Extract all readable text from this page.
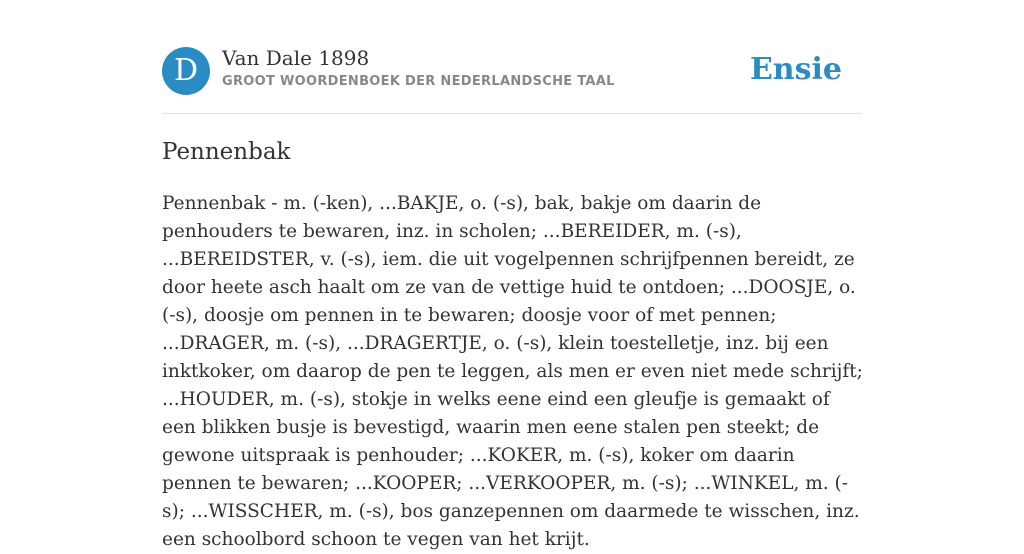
D	Van Dale 1898
GROOT WOORDENBOEK DER NEDERLANDSCHE TAAL	Ensie
Pennenbak

Pennenbak - m. (-ken), ...BAKJE, o. (-s), bak, bakje om daarin de penhouders te bewaren, inz. in scholen; ...BEREIDER, m. (-s), ...BEREIDSTER, v. (-s), iem. die uit vogelpennen schrijfpennen bereidt, ze door heete asch haalt om ze van de vettige huid te ontdoen; ...DOOSJE, o. (-s), doosje om pennen in te bewaren; doosje voor of met pennen; ...DRAGER, m. (-s), ...DRAGERTJE, o. (-s), klein toestelletje, inz. bij een inktkoker, om daarop de pen te leggen, als men er even niet mede schrijft; ...HOUDER, m. (-s), stokje in welks eene eind een gleufje is gemaakt of een blikken busje is bevestigd, waarin men eene stalen pen steekt; de gewone uitspraak is penhouder; ...KOKER, m. (-s), koker om daarin pennen te bewaren; ...KOOPER; ...VERKOOPER, m. (-s); ...WINKEL, m. (-s); ...WISSCHER, m. (-s), bos ganzepennen om daarmede te wisschen, inz. een schoolbord schoon te vegen van het krijt.
